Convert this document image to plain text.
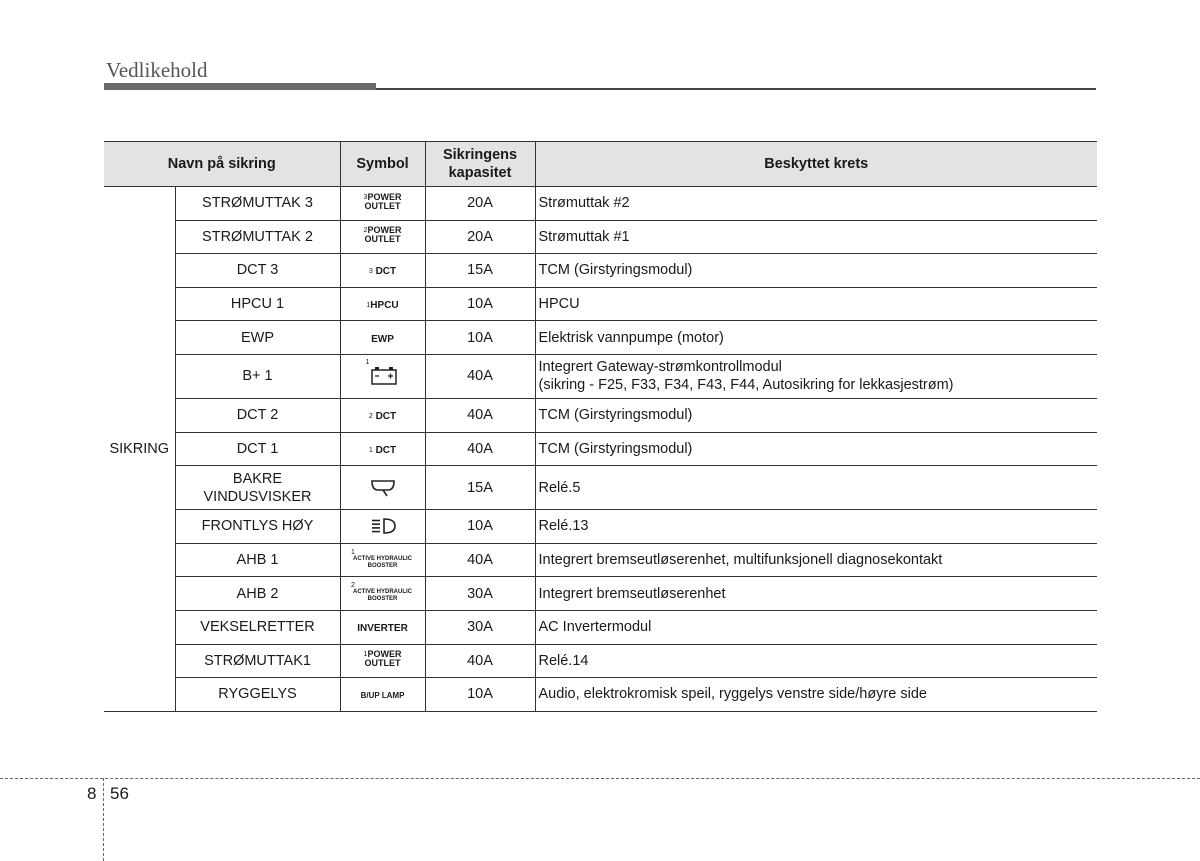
Vedlikehold
Navn på sikring		Symbol	Sikringens
kapasitet	Beskyttet krets
SIKRING	STRØMUTTAK 3	$^3$POWER
OUTLET	20A	Strømuttak #2
	STRØMUTTAK 2	$^2$POWER
OUTLET	20A	Strømuttak #1
	DCT 3	$^3$ DCT	15A	TCM (Girstyringsmodul)
	HPCU 1	$^1$HPCU	10A	HPCU
	EWP	EWP	10A	Elektrisk vannpumpe (motor)
	B+ 1	1	40A	Integrert Gateway-strømkontrollmodul
(sikring - F25, F33, F34, F43, F44, Autosikring for lekkasjestrøm)
	DCT 2	$^2$ DCT	40A	TCM (Girstyringsmodul)
	DCT 1	$^1$ DCT	40A	TCM (Girstyringsmodul)
	BAKRE
VINDUSVISKER		15A	Relé.5
	FRONTLYS HØY		10A	Relé.13
	AHB 1	1
ACTIVE HYDRAULIC
BOOSTER	40A	Integrert bremseutløserenhet, multifunksjonell diagnosekontakt
	AHB 2	2
ACTIVE HYDRAULIC
BOOSTER	30A	Integrert bremseutløserenhet
	VEKSELRETTER	INVERTER	30A	AC Invertermodul
	STRØMUTTAK1	$^1$POWER
OUTLET	40A	Relé.14
	RYGGELYS	B/UP LAMP	10A	Audio, elektrokromisk speil, ryggelys venstre side/høyre side
8 56
